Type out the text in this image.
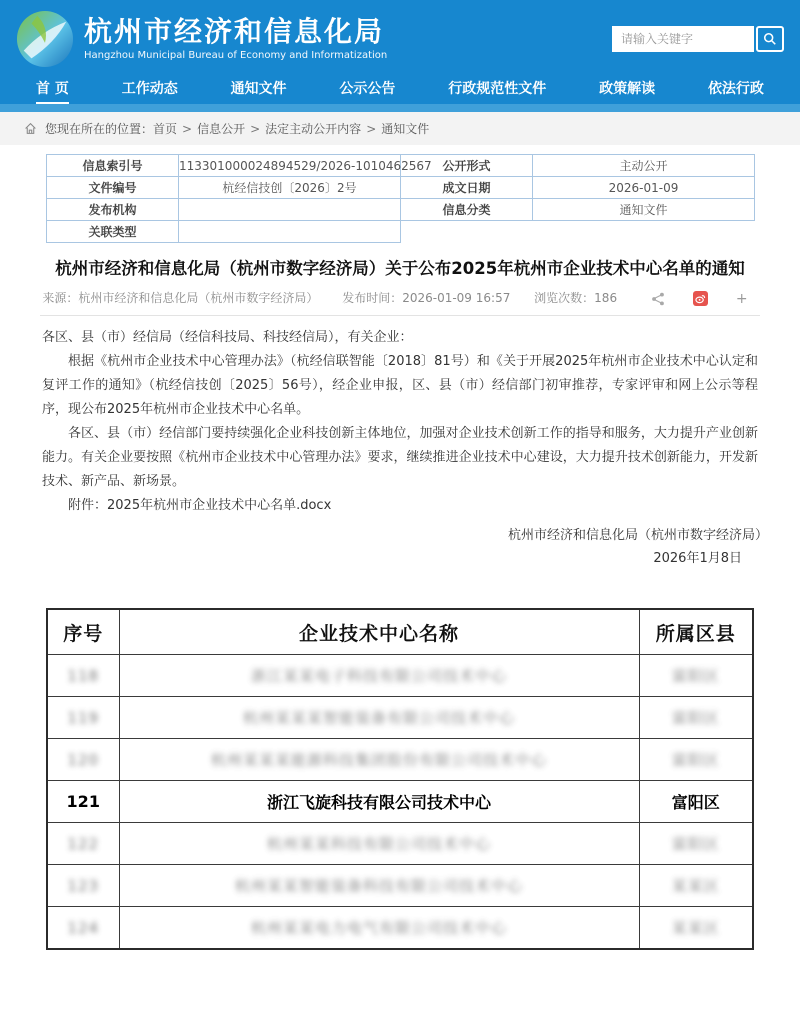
杭州市经济和信息化局
Hangzhou Municipal Bureau of Economy and Informatization
请输入关键字
首 页	工作动态	通知文件	公示公告	行政规范性文件	政策解读	依法行政
您现在所在的位置： 首页 > 信息公开 > 法定主动公开内容 > 通知文件
信息索引号	113301000024894529/2026-1010462567	公开形式	主动公开
文件编号	杭经信技创〔2026〕2号	成文日期	2026-01-09
发布机构		信息分类	通知文件
关联类型			
杭州市经济和信息化局（杭州市数字经济局）关于公布2025年杭州市企业技术中心名单的通知
来源：杭州市经济和信息化局（杭州市数字经济局） 发布时间：2026-01-09 16:57 浏览次数：186	+

各区、县（市）经信局（经信科技局、科技经信局），有关企业：

根据《杭州市企业技术中心管理办法》（杭经信联智能〔2018〕81号）和《关于开展2025年杭州市企业技术中心认定和复评工作的通知》（杭经信技创〔2025〕56号），经企业申报，区、县（市）经信部门初审推荐，专家评审和网上公示等程序，现公布2025年杭州市企业技术中心名单。

各区、县（市）经信部门要持续强化企业科技创新主体地位，加强对企业技术创新工作的指导和服务，大力提升产业创新能力。有关企业要按照《杭州市企业技术中心管理办法》要求，继续推进企业技术中心建设，大力提升技术创新能力，开发新技术、新产品、新场景。

附件：2025年杭州市企业技术中心名单.docx

杭州市经济和信息化局（杭州市数字经济局）
2026年1月8日
序号	企业技术中心名称	所属区县
118	浙江某某电子科技有限公司技术中心	富阳区
119	杭州某某某智能装备有限公司技术中心	富阳区
120	杭州某某某能源科技集团股份有限公司技术中心	富阳区
121	浙江飞旋科技有限公司技术中心	富阳区
122	杭州某某科技有限公司技术中心	富阳区
123	杭州某某智能装备科技有限公司技术中心	某某区
124	杭州某某电力电气有限公司技术中心	某某区
